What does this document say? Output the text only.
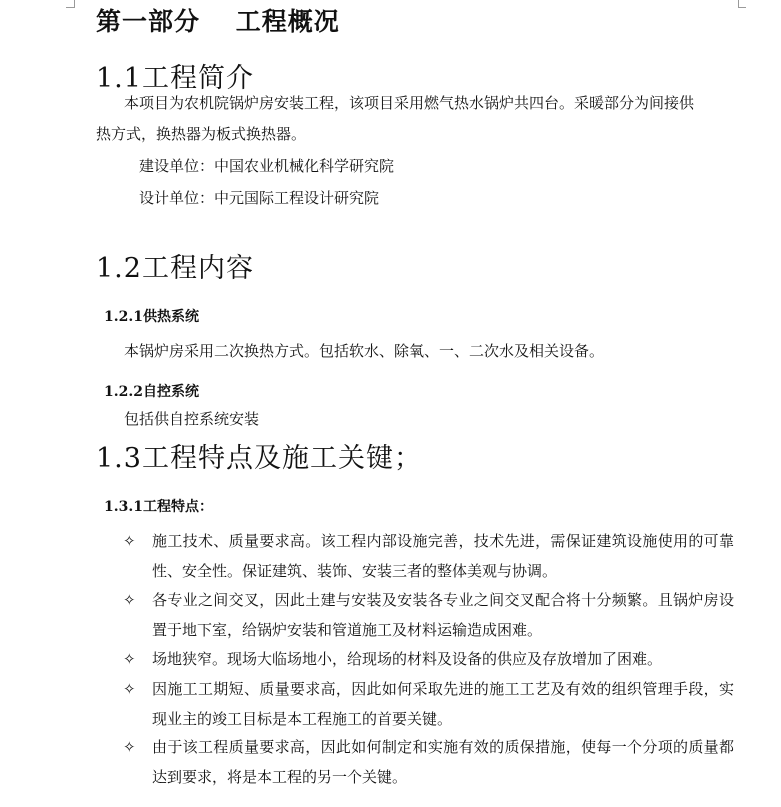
第一部分　 工程概况
1.1工程简介
本项目为农机院锅炉房安装工程，该项目采用燃气热水锅炉共四台。采暖部分为间接供
热方式，换热器为板式换热器。
建设单位：中国农业机械化科学研究院
设计单位：中元国际工程设计研究院
1.2工程内容
1.2.1供热系统
本锅炉房采用二次换热方式。包括软水、除氧、一、二次水及相关设备。
1.2.2自控系统
包括供自控系统安装
1.3工程特点及施工关键；
1.3.1工程特点：
✧ 施工技术、质量要求高。该工程内部设施完善，技术先进，需保证建筑设施使用的可靠性、安全性。保证建筑、装饰、安装三者的整体美观与协调。
✧ 各专业之间交叉，因此土建与安装及安装各专业之间交叉配合将十分频繁。且锅炉房设置于地下室，给锅炉安装和管道施工及材料运输造成困难。
✧ 场地狭窄。现场大临场地小，给现场的材料及设备的供应及存放增加了困难。
✧ 因施工工期短、质量要求高，因此如何采取先进的施工工艺及有效的组织管理手段，实现业主的竣工目标是本工程施工的首要关键。
✧ 由于该工程质量要求高，因此如何制定和实施有效的质保措施，使每一个分项的质量都达到要求，将是本工程的另一个关键。
